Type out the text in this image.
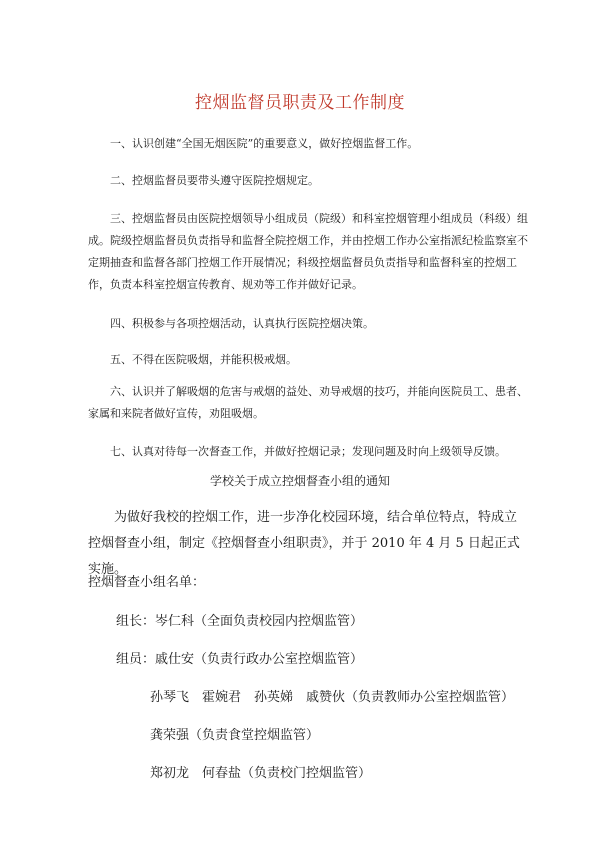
控烟监督员职责及工作制度
一、认识创建“全国无烟医院”的重要意义，做好控烟监督工作。
二、控烟监督员要带头遵守医院控烟规定。
三、控烟监督员由医院控烟领导小组成员（院级）和科室控烟管理小组成员（科级）组成。院级控烟监督员负责指导和监督全院控烟工作，并由控烟工作办公室指派纪检监察室不定期抽查和监督各部门控烟工作开展情况；科级控烟监督员负责指导和监督科室的控烟工作，负责本科室控烟宣传教育、规劝等工作并做好记录。
四、积极参与各项控烟活动，认真执行医院控烟决策。
五、不得在医院吸烟，并能积极戒烟。
六、认识并了解吸烟的危害与戒烟的益处、劝导戒烟的技巧，并能向医院员工、患者、家属和来院者做好宣传，劝阻吸烟。
七、认真对待每一次督查工作，并做好控烟记录；发现问题及时向上级领导反馈。
学校关于成立控烟督查小组的通知
为做好我校的控烟工作，进一步净化校园环境，结合单位特点，特成立控烟督查小组，制定《控烟督查小组职责》，并于 2010 年 4 月 5 日起正式实施。
控烟督查小组名单：
组长：岑仁科（全面负责校园内控烟监管）
组员：戚仕安（负责行政办公室控烟监管）
孙琴飞　霍婉君　孙英娣　戚赞伙（负责教师办公室控烟监管）
龚荣强（负责食堂控烟监管）
郑初龙　何春盐（负责校门控烟监管）
